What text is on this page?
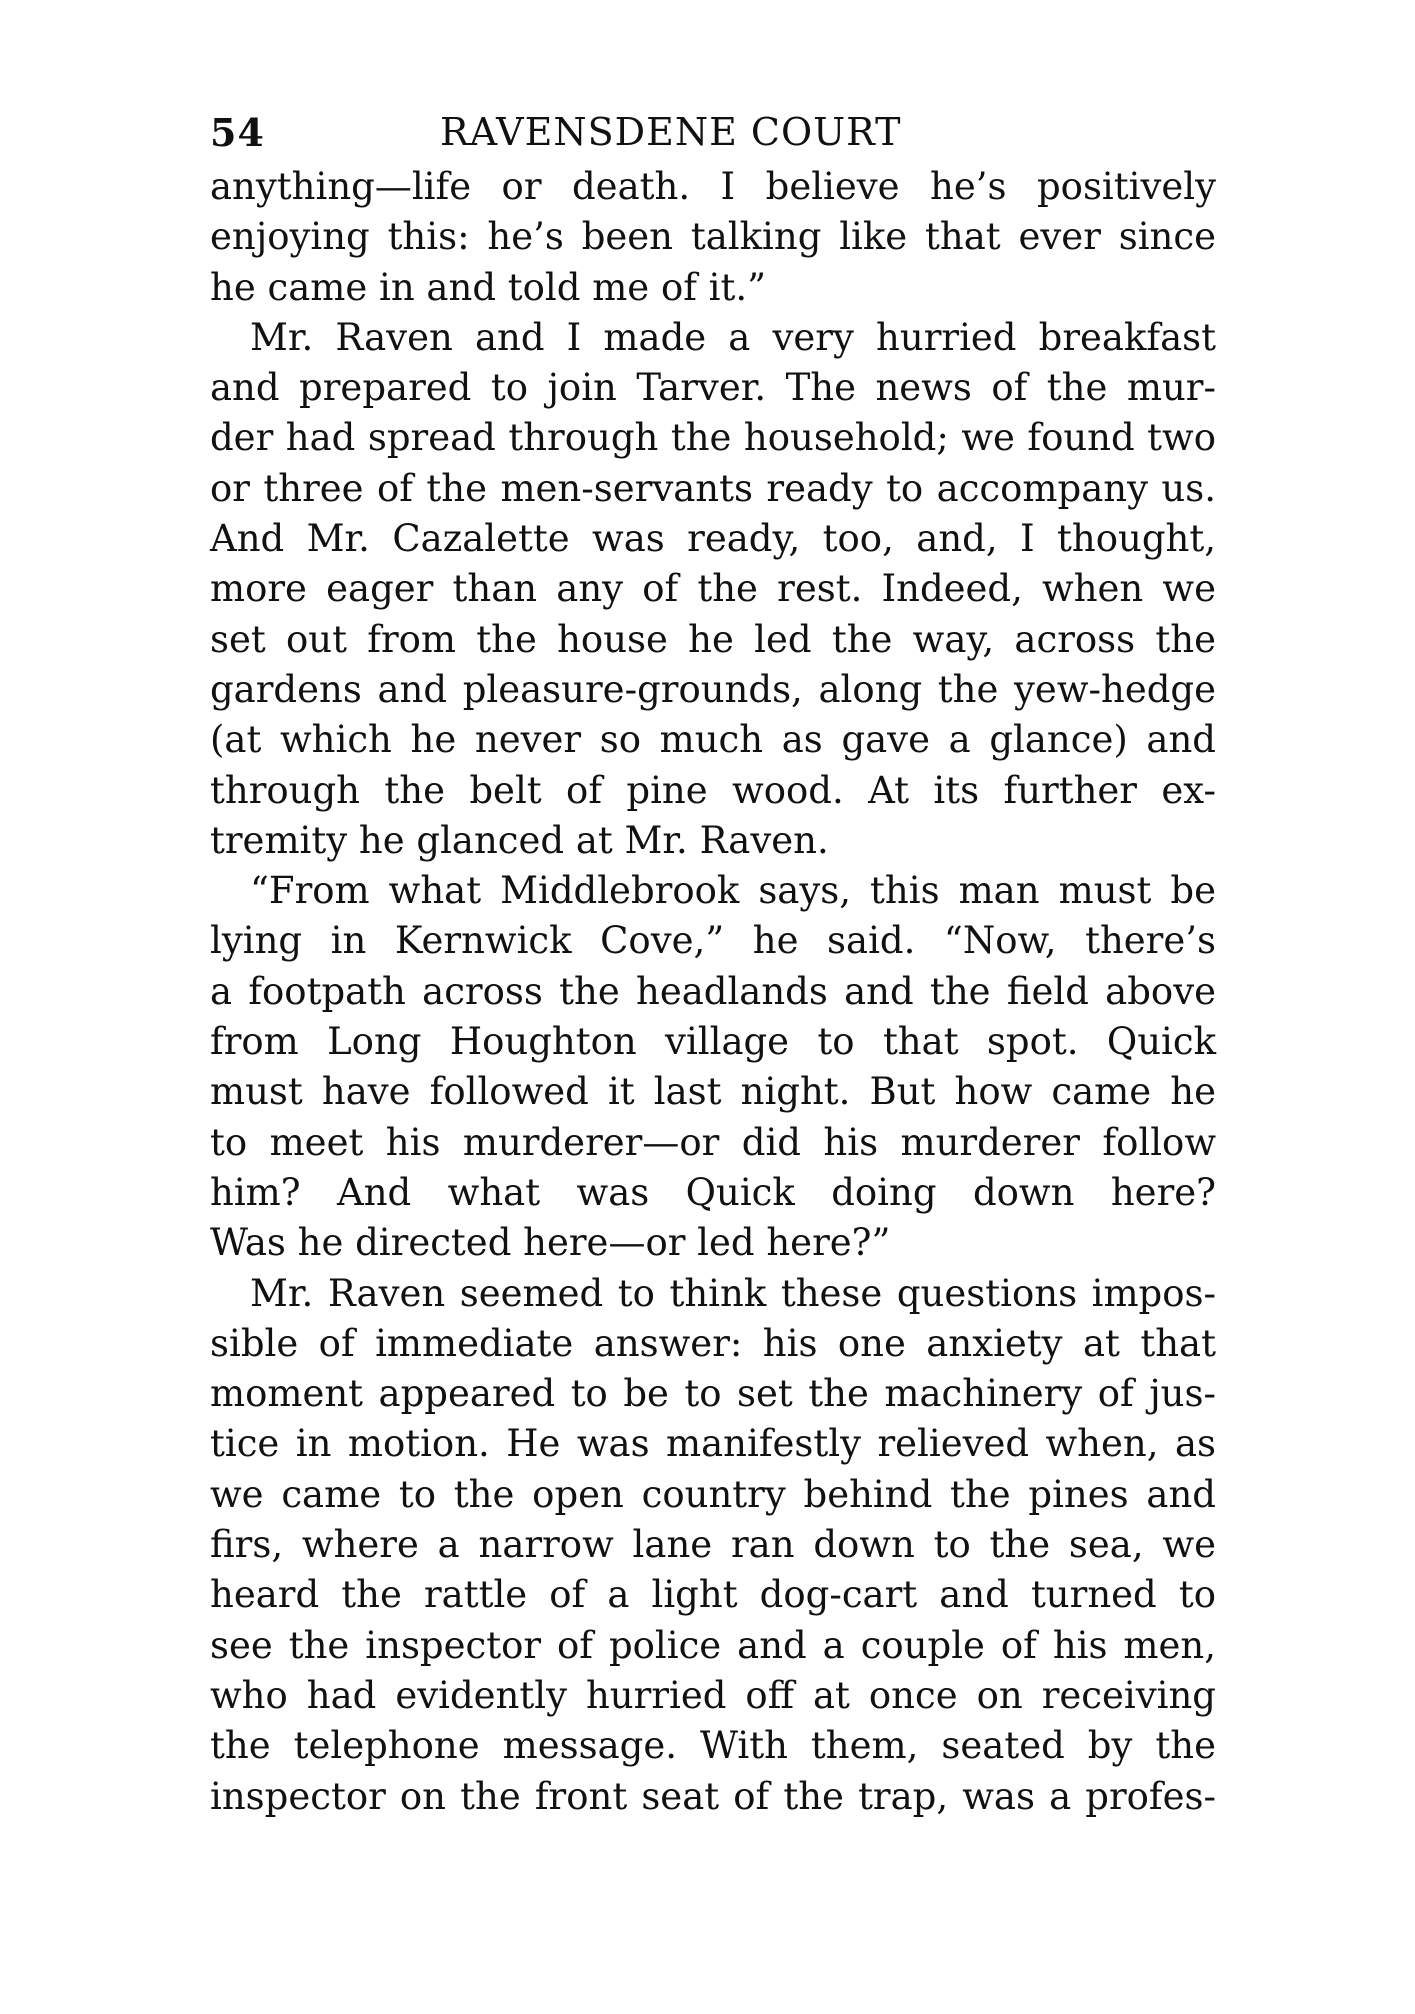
54	RAVENSDENE COURT
anything—life or death. I believe he’s positively
enjoying this: he’s been talking like that ever since
he came in and told me of it.”
Mr. Raven and I made a very hurried breakfast
and prepared to join Tarver. The news of the mur-
der had spread through the household; we found two
or three of the men-servants ready to accompany us.
And Mr. Cazalette was ready, too, and, I thought,
more eager than any of the rest. Indeed, when we
set out from the house he led the way, across the
gardens and pleasure-grounds, along the yew-hedge
(at which he never so much as gave a glance) and
through the belt of pine wood. At its further ex-
tremity he glanced at Mr. Raven.
“From what Middlebrook says, this man must be
lying in Kernwick Cove,” he said. “Now, there’s
a footpath across the headlands and the field above
from Long Houghton village to that spot. Quick
must have followed it last night. But how came he
to meet his murderer—or did his murderer follow
him? And what was Quick doing down here?
Was he directed here—or led here?”
Mr. Raven seemed to think these questions impos-
sible of immediate answer: his one anxiety at that
moment appeared to be to set the machinery of jus-
tice in motion. He was manifestly relieved when, as
we came to the open country behind the pines and
firs, where a narrow lane ran down to the sea, we
heard the rattle of a light dog-cart and turned to
see the inspector of police and a couple of his men,
who had evidently hurried off at once on receiving
the telephone message. With them, seated by the
inspector on the front seat of the trap, was a profes-
